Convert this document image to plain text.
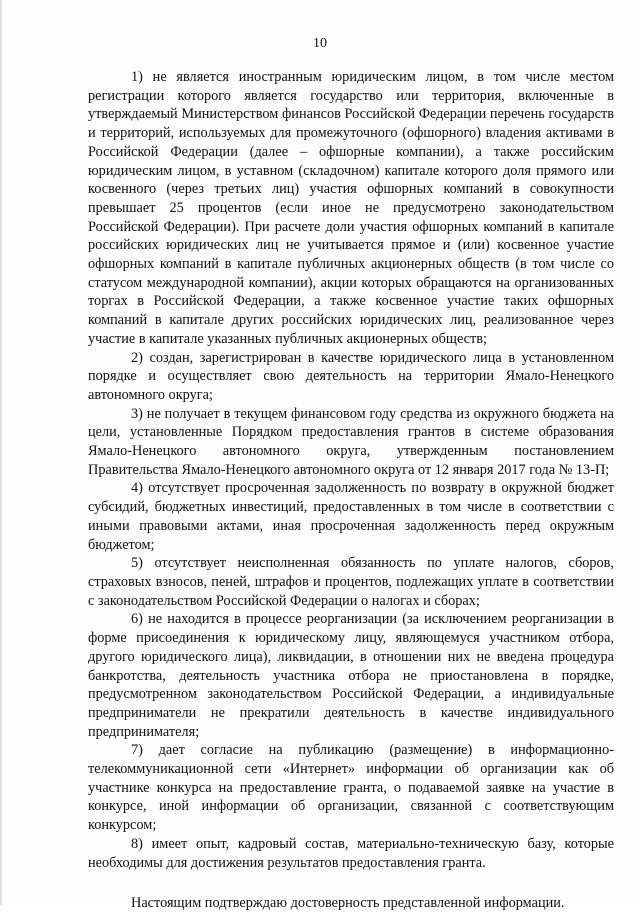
10

1) не является иностранным юридическим лицом, в том числе местом регистрации которого является государство или территория, включенные в утверждаемый Министерством финансов Российской Федерации перечень государств и территорий, используемых для промежуточного (офшорного) владения активами в Российской Федерации (далее – офшорные компании), а также российским юридическим лицом, в уставном (складочном) капитале которого доля прямого или косвенного (через третьих лиц) участия офшорных компаний в совокупности превышает 25 процентов (если иное не предусмотрено законодательством Российской Федерации). При расчете доли участия офшорных компаний в капитале российских юридических лиц не учитывается прямое и (или) косвенное участие офшорных компаний в капитале публичных акционерных обществ (в том числе со статусом международной компании), акции которых обращаются на организованных торгах в Российской Федерации, а также косвенное участие таких офшорных компаний в капитале других российских юридических лиц, реализованное через участие в капитале указанных публичных акционерных обществ;

2) создан, зарегистрирован в качестве юридического лица в установленном порядке и осуществляет свою деятельность на территории Ямало-Ненецкого автономного округа;

3) не получает в текущем финансовом году средства из окружного бюджета на цели, установленные Порядком предоставления грантов в системе образования Ямало-Ненецкого автономного округа, утвержденным постановлением Правительства Ямало-Ненецкого автономного округа от 12 января 2017 года № 13-П;

4) отсутствует просроченная задолженность по возврату в окружной бюджет субсидий, бюджетных инвестиций, предоставленных в том числе в соответствии с иными правовыми актами, иная просроченная задолженность перед окружным бюджетом;

5) отсутствует неисполненная обязанность по уплате налогов, сборов, страховых взносов, пеней, штрафов и процентов, подлежащих уплате в соответствии с законодательством Российской Федерации о налогах и сборах;

6) не находится в процессе реорганизации (за исключением реорганизации в форме присоединения к юридическому лицу, являющемуся участником отбора, другого юридического лица), ликвидации, в отношении них не введена процедура банкротства, деятельность участника отбора не приостановлена в порядке, предусмотренном законодательством Российской Федерации, а индивидуальные предприниматели не прекратили деятельность в качестве индивидуального предпринимателя;

7) дает согласие на публикацию (размещение) в информационно-телекоммуникационной сети «Интернет» информации об организации как об участнике конкурса на предоставление гранта, о подаваемой заявке на участие в конкурсе, иной информации об организации, связанной с соответствующим конкурсом;

8) имеет опыт, кадровый состав, материально-техническую базу, которые необходимы для достижения результатов предоставления гранта.

Настоящим подтверждаю достоверность представленной информации.
